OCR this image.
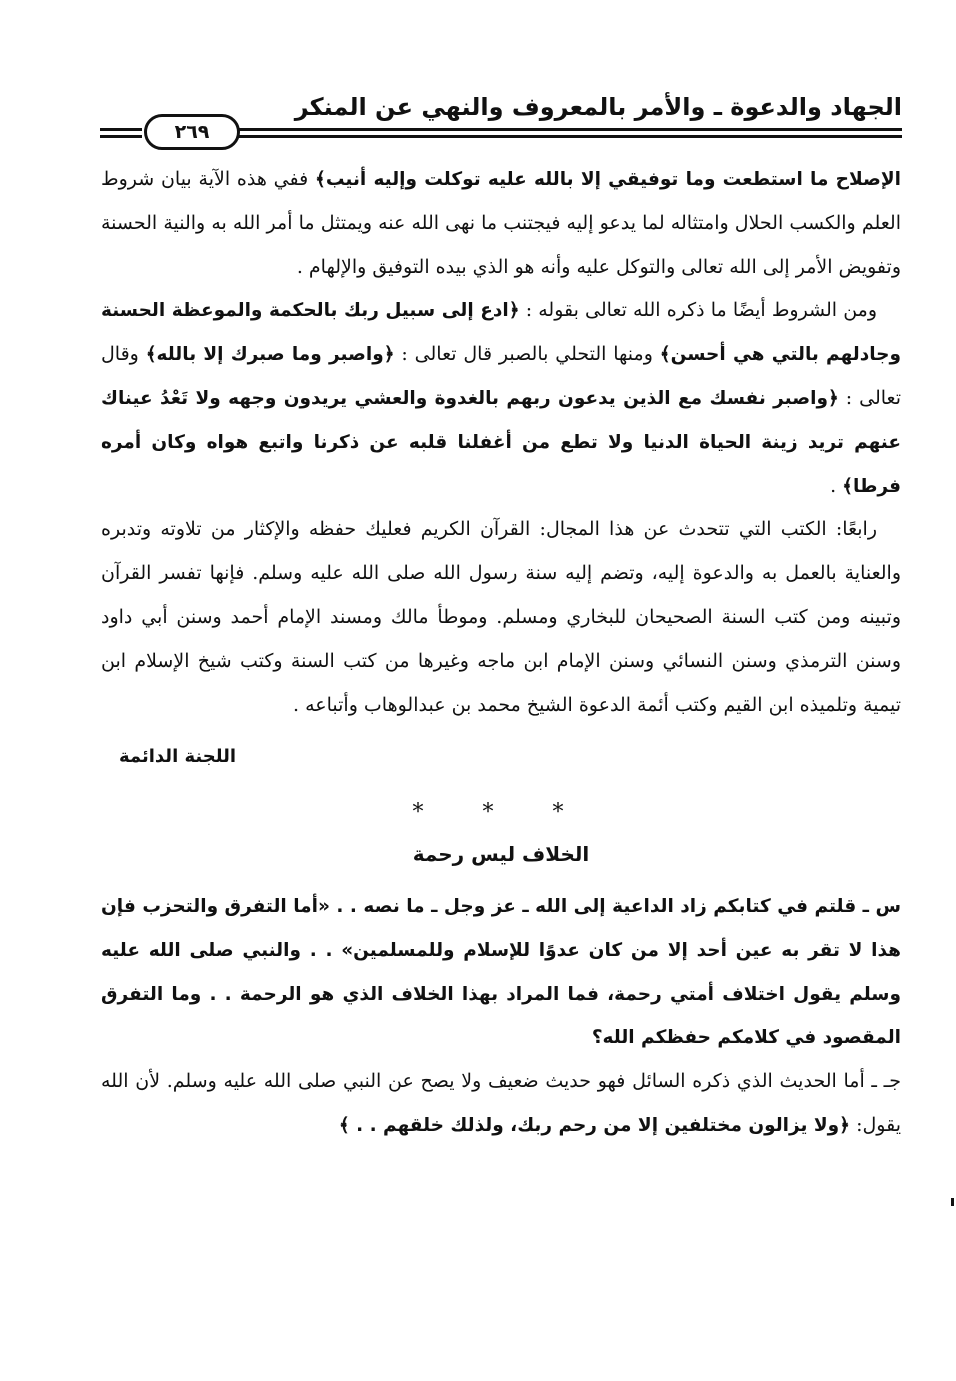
الجهاد والدعوة ـ والأمر بالمعروف والنهي عن المنكر
٢٦٩

الإصلاح ما استطعت وما توفيقي إلا بالله عليه توكلت وإليه أنيب﴾ ففي هذه الآية بيان شروط العلم والكسب الحلال وامتثاله لما يدعو إليه فيجتنب ما نهى الله عنه ويمتثل ما أمر الله به والنية الحسنة وتفويض الأمر إلى الله تعالى والتوكل عليه وأنه هو الذي بيده التوفيق والإلهام .

ومن الشروط أيضًا ما ذكره الله تعالى بقوله : ﴿ادع إلى سبيل ربك بالحكمة والموعظة الحسنة وجادلهم بالتي هي أحسن﴾ ومنها التحلي بالصبر قال تعالى : ﴿واصبر وما صبرك إلا بالله﴾ وقال تعالى : ﴿واصبر نفسك مع الذين يدعون ربهم بالغدوة والعشي يريدون وجهه ولا تَعْدُ عيناك عنهم تريد زينة الحياة الدنيا ولا تطع من أغفلنا قلبه عن ذكرنا واتبع هواه وكان أمره فرطا﴾ .

رابعًا: الكتب التي تتحدث عن هذا المجال: القرآن الكريم فعليك حفظه والإكثار من تلاوته وتدبره والعناية بالعمل به والدعوة إليه، وتضم إليه سنة رسول الله صلى الله عليه وسلم. فإنها تفسر القرآن وتبينه ومن كتب السنة الصحيحان للبخاري ومسلم. وموطأ مالك ومسند الإمام أحمد وسنن أبي داود وسنن الترمذي وسنن النسائي وسنن الإمام ابن ماجه وغيرها من كتب السنة وكتب شيخ الإسلام ابن تيمية وتلميذه ابن القيم وكتب أئمة الدعوة الشيخ محمد بن عبدالوهاب وأتباعه .

اللجنة الدائمة

* * *

الخلاف ليس رحمة

س ـ قلتم في كتابكم زاد الداعية إلى الله ـ عز وجل ـ ما نصه . . «أما التفرق والتحزب فإن هذا لا تقر به عين أحد إلا من كان عدوًا للإسلام وللمسلمين» . . والنبي صلى الله عليه وسلم يقول اختلاف أمتي رحمة، فما المراد بهذا الخلاف الذي هو الرحمة . . وما التفرق المقصود في كلامكم حفظكم الله؟

جـ ـ أما الحديث الذي ذكره السائل فهو حديث ضعيف ولا يصح عن النبي صلى الله عليه وسلم. لأن الله يقول: ﴿ولا يزالون مختلفين إلا من رحم ربك، ولذلك خلقهم . . ﴾
